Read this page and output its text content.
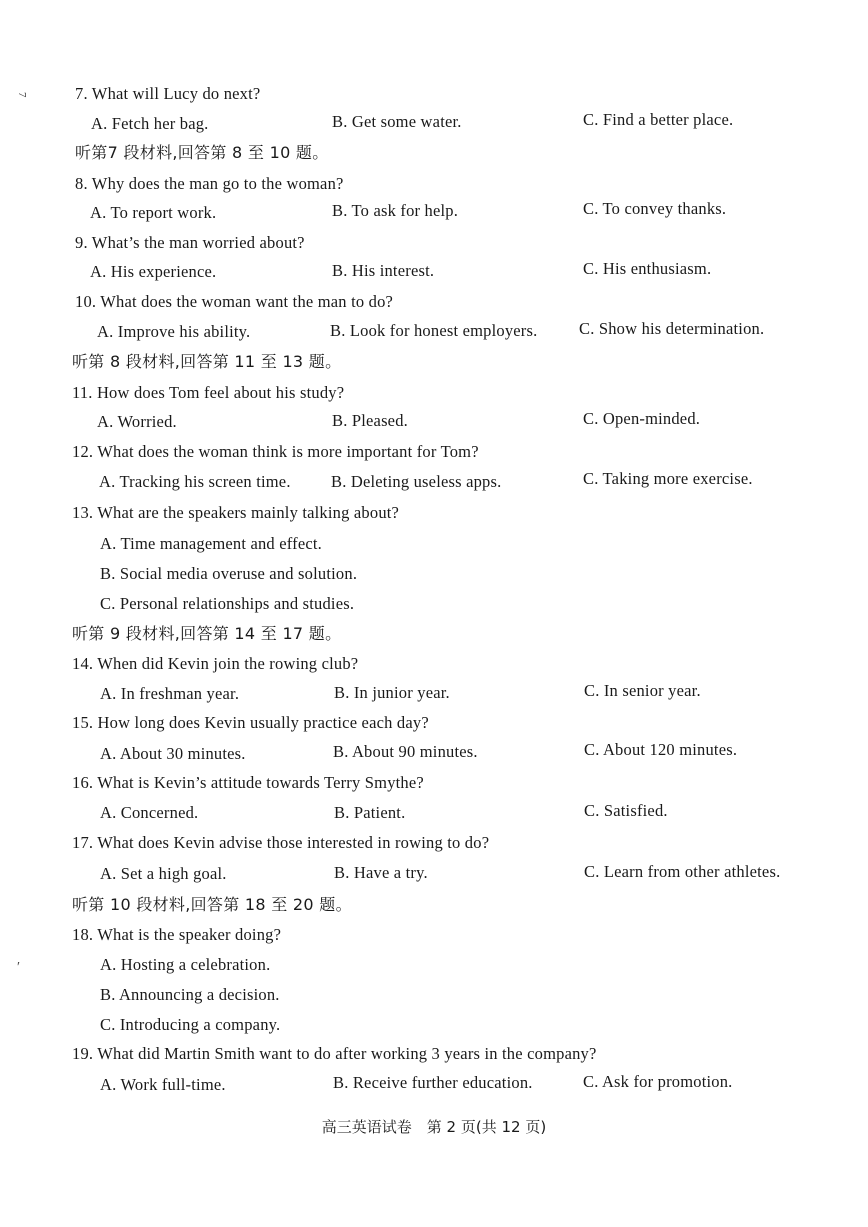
7
′
7. What will Lucy do next?
A. Fetch her bag.	B. Get some water.	C. Find a better place.
听第7 段材料,回答第 8 至 10 题。
8. Why does the man go to the woman?
A. To report work.	B. To ask for help.	C. To convey thanks.
9. What’s the man worried about?
A. His experience.	B. His interest.	C. His enthusiasm.
10. What does the woman want the man to do?
A. Improve his ability.	B. Look for honest employers.	C. Show his determination.
听第 8 段材料,回答第 11 至 13 题。
11. How does Tom feel about his study?
A. Worried.	B. Pleased.	C. Open-minded.
12. What does the woman think is more important for Tom?
A. Tracking his screen time. B. Deleting useless apps.	C. Taking more exercise.
13. What are the speakers mainly talking about?
A. Time management and effect.
B. Social media overuse and solution.
C. Personal relationships and studies.
听第 9 段材料,回答第 14 至 17 题。
14. When did Kevin join the rowing club?
A. In freshman year.	B. In junior year.	C. In senior year.
15. How long does Kevin usually practice each day?
A. About 30 minutes.	B. About 90 minutes.	C. About 120 minutes.
16. What is Kevin’s attitude towards Terry Smythe?
A. Concerned.	B. Patient.	C. Satisfied.
17. What does Kevin advise those interested in rowing to do?
A. Set a high goal.	B. Have a try.	C. Learn from other athletes.
听第 10 段材料,回答第 18 至 20 题。
18. What is the speaker doing?
A. Hosting a celebration.
B. Announcing a decision.
C. Introducing a company.
19. What did Martin Smith want to do after working 3 years in the company?
A. Work full-time.	B. Receive further education.	C. Ask for promotion.
高三英语试卷　第 2 页(共 12 页)
